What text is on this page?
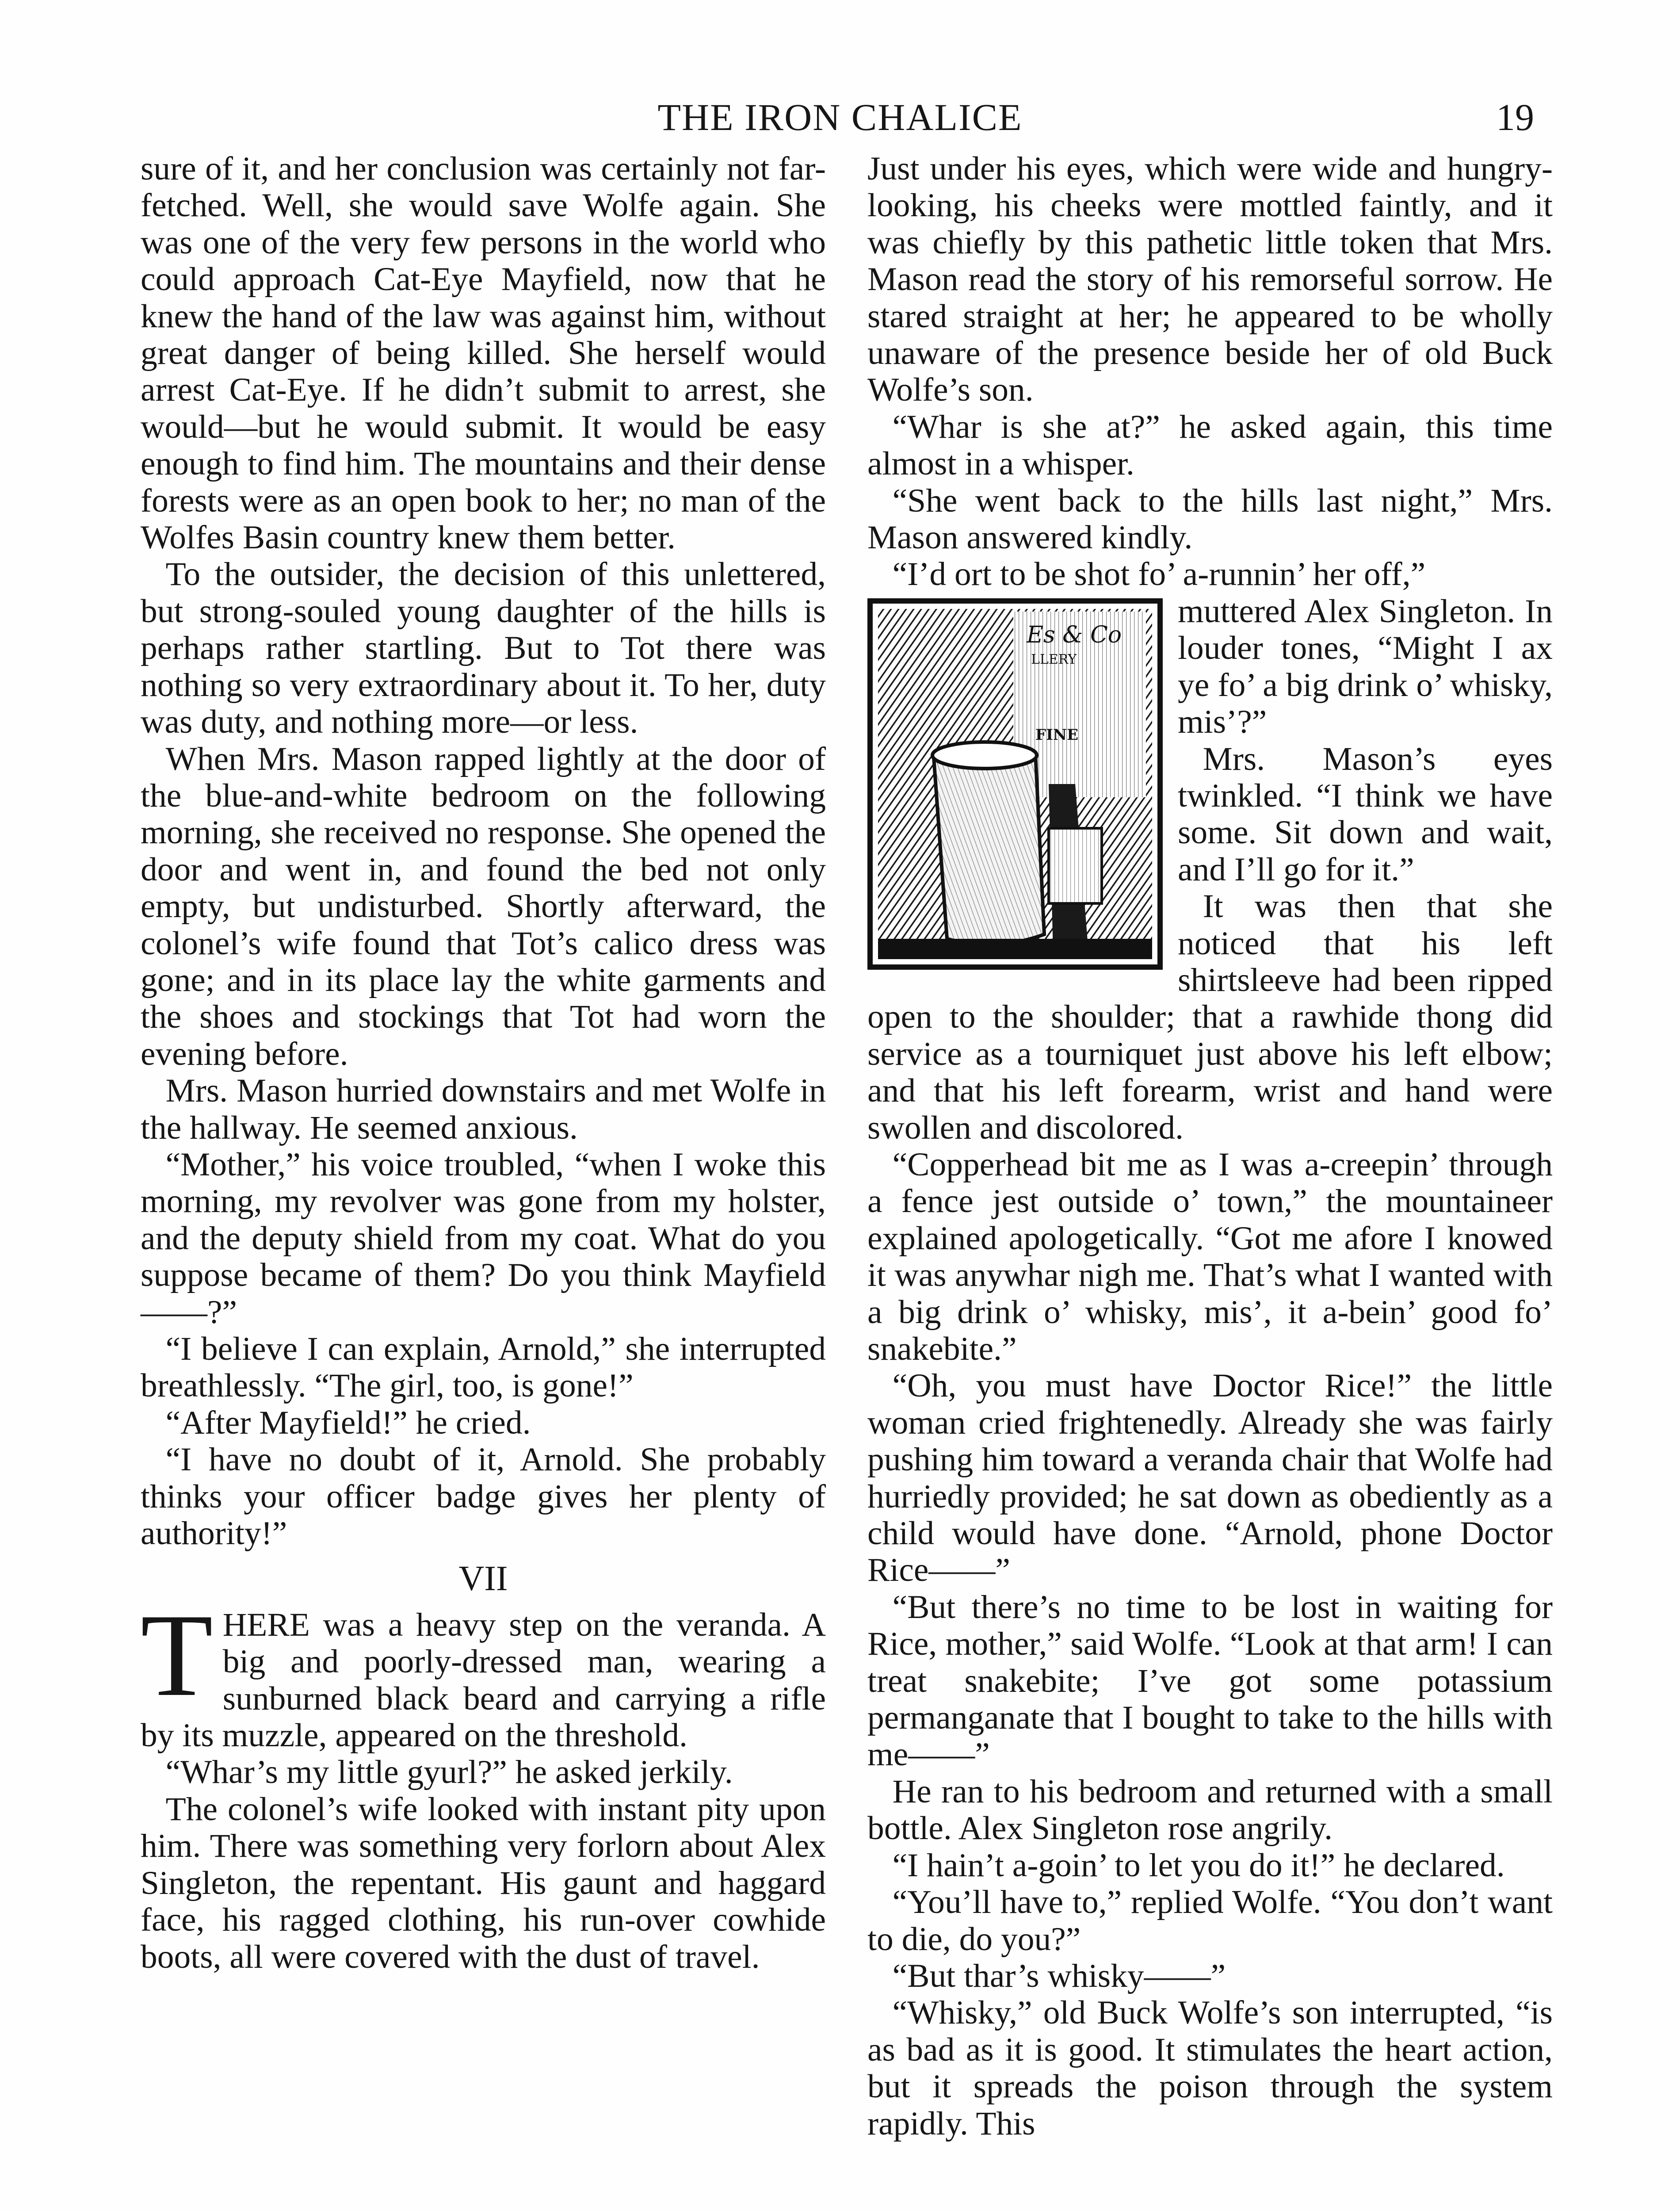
THE IRON CHALICE	19

sure of it, and her conclusion was certainly not far-fetched. Well, she would save Wolfe again. She was one of the very few persons in the world who could approach Cat-Eye Mayfield, now that he knew the hand of the law was against him, without great danger of being killed. She herself would arrest Cat-Eye. If he didn’t submit to arrest, she would—but he would submit. It would be easy enough to find him. The mountains and their dense forests were as an open book to her; no man of the Wolfes Basin country knew them better.

To the outsider, the decision of this unlettered, but strong-souled young daughter of the hills is perhaps rather startling. But to Tot there was nothing so very extraordinary about it. To her, duty was duty, and nothing more—or less.

When Mrs. Mason rapped lightly at the door of the blue-and-white bedroom on the following morning, she received no response. She opened the door and went in, and found the bed not only empty, but undisturbed. Shortly afterward, the colonel’s wife found that Tot’s calico dress was gone; and in its place lay the white garments and the shoes and stockings that Tot had worn the evening before.

Mrs. Mason hurried downstairs and met Wolfe in the hallway. He seemed anxious.

“Mother,” his voice troubled, “when I woke this morning, my revolver was gone from my holster, and the deputy shield from my coat. What do you suppose became of them? Do you think Mayfield——?”

“I believe I can explain, Arnold,” she interrupted breathlessly. “The girl, too, is gone!”

“After Mayfield!” he cried.

“I have no doubt of it, Arnold. She probably thinks your officer badge gives her plenty of authority!”

VII

THERE was a heavy step on the veranda. A big and poorly-dressed man, wearing a sunburned black beard and carrying a rifle by its muzzle, appeared on the threshold.

“Whar’s my little gyurl?” he asked jerkily.

The colonel’s wife looked with instant pity upon him. There was something very forlorn about Alex Singleton, the repentant. His gaunt and haggard face, his ragged clothing, his run-over cowhide boots, all were covered with the dust of travel.

Just under his eyes, which were wide and hungry-looking, his cheeks were mottled faintly, and it was chiefly by this pathetic little token that Mrs. Mason read the story of his remorseful sorrow. He stared straight at her; he appeared to be wholly unaware of the presence beside her of old Buck Wolfe’s son.

“Whar is she at?” he asked again, this time almost in a whisper.

“She went back to the hills last night,” Mrs. Mason answered kindly.

“I’d ort to be shot fo’ a-runnin’ her off,”

Es & Co
LLERY
FINE

muttered Alex Singleton. In louder tones, “Might I ax ye fo’ a big drink o’ whisky, mis’?”

Mrs. Mason’s eyes twinkled. “I think we have some. Sit down and wait, and I’ll go for it.”

It was then that she noticed that his left shirtsleeve had been ripped open to the shoulder; that a rawhide thong did service as a tourniquet just above his left elbow; and that his left forearm, wrist and hand were swollen and discolored.

“Copperhead bit me as I was a-creepin’ through a fence jest outside o’ town,” the mountaineer explained apologetically. “Got me afore I knowed it was anywhar nigh me. That’s what I wanted with a big drink o’ whisky, mis’, it a-bein’ good fo’ snakebite.”

“Oh, you must have Doctor Rice!” the little woman cried frightenedly. Already she was fairly pushing him toward a veranda chair that Wolfe had hurriedly provided; he sat down as obediently as a child would have done. “Arnold, phone Doctor Rice——”

“But there’s no time to be lost in waiting for Rice, mother,” said Wolfe. “Look at that arm! I can treat snakebite; I’ve got some potassium permanganate that I bought to take to the hills with me——”

He ran to his bedroom and returned with a small bottle. Alex Singleton rose angrily.

“I hain’t a-goin’ to let you do it!” he declared.

“You’ll have to,” replied Wolfe. “You don’t want to die, do you?”

“But thar’s whisky——”

“Whisky,” old Buck Wolfe’s son interrupted, “is as bad as it is good. It stimulates the heart action, but it spreads the poison through the system rapidly. This
